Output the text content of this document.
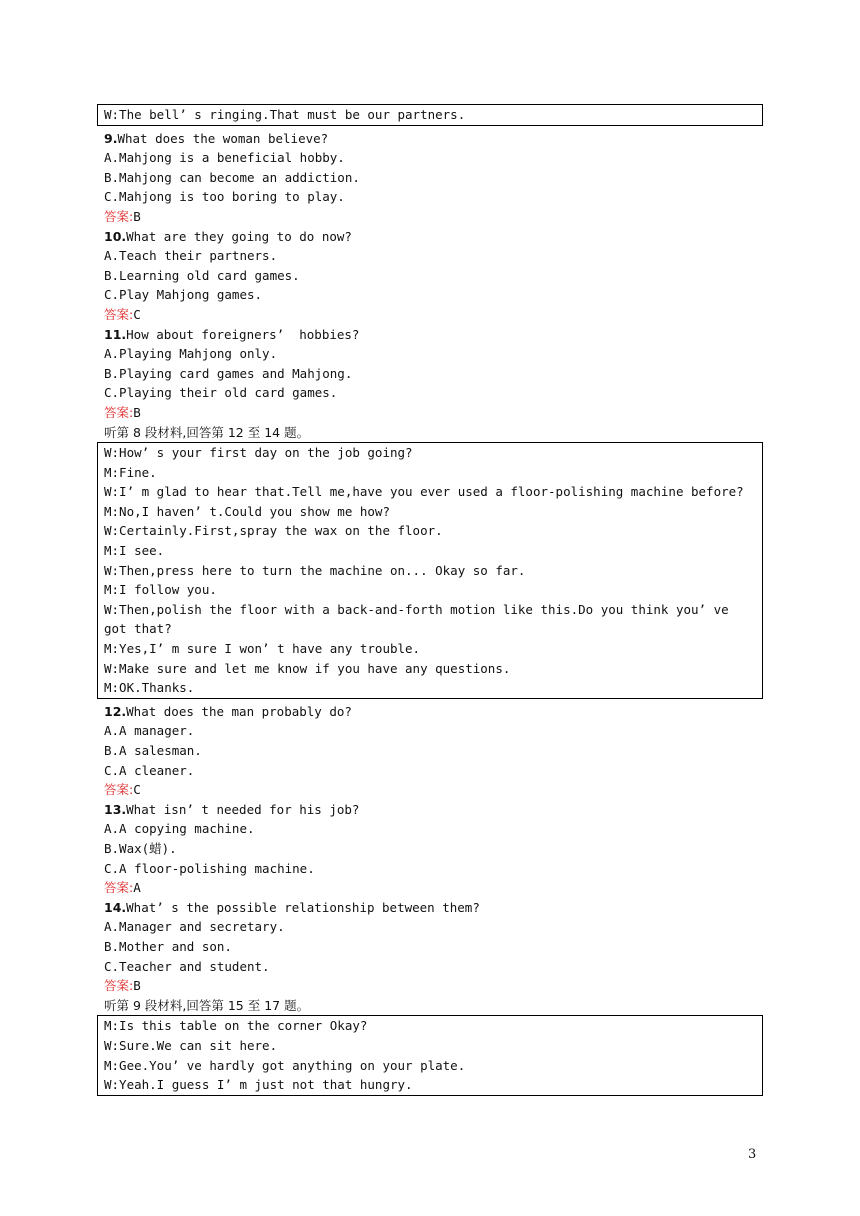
W:The bell’ s ringing.That must be our partners.
9.What does the woman believe?
A.Mahjong is a beneficial hobby.
B.Mahjong can become an addiction.
C.Mahjong is too boring to play.
答案:B
10.What are they going to do now?
A.Teach their partners.
B.Learning old card games.
C.Play Mahjong games.
答案:C
11.How about foreigners’  hobbies?
A.Playing Mahjong only.
B.Playing card games and Mahjong.
C.Playing their old card games.
答案:B
听第 8 段材料,回答第 12 至 14 题。
W:How’ s your first day on the job going?
M:Fine.
W:I’ m glad to hear that.Tell me,have you ever used a floor-polishing machine before?
M:No,I haven’ t.Could you show me how?
W:Certainly.First,spray the wax on the floor.
M:I see.
W:Then,press here to turn the machine on... Okay so far.
M:I follow you.
W:Then,polish the floor with a back-and-forth motion like this.Do you think you’ ve
got that?
M:Yes,I’ m sure I won’ t have any trouble.
W:Make sure and let me know if you have any questions.
M:OK.Thanks.
12.What does the man probably do?
A.A manager.
B.A salesman.
C.A cleaner.
答案:C
13.What isn’ t needed for his job?
A.A copying machine.
B.Wax(蜡).
C.A floor-polishing machine.
答案:A
14.What’ s the possible relationship between them?
A.Manager and secretary.
B.Mother and son.
C.Teacher and student.
答案:B
听第 9 段材料,回答第 15 至 17 题。
M:Is this table on the corner Okay?
W:Sure.We can sit here.
M:Gee.You’ ve hardly got anything on your plate.
W:Yeah.I guess I’ m just not that hungry.
3
